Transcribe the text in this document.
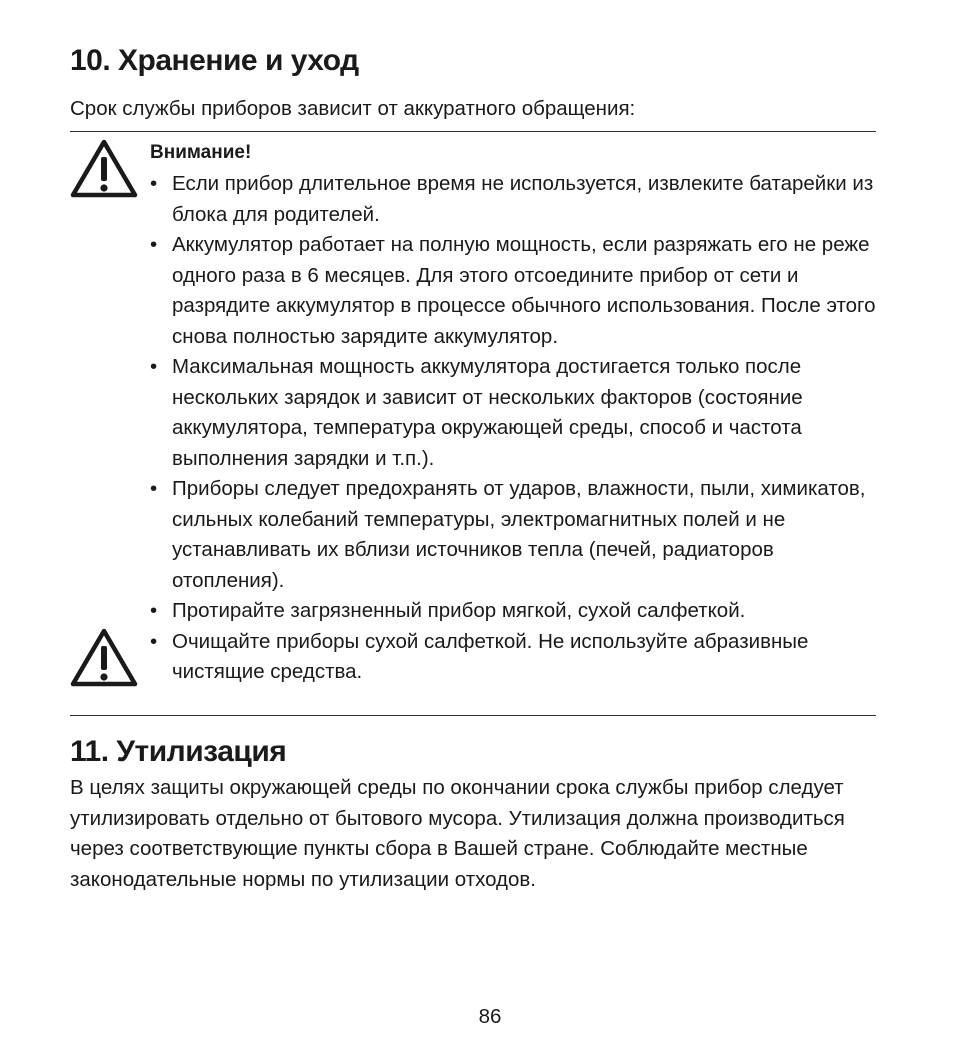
10. Хранение и уход
Срок службы приборов зависит от аккуратного обращения:
Внимание!
• Если прибор длительное время не используется, извлеките батарейки из блока для родителей.
• Аккумулятор работает на полную мощность, если разряжать его не реже одного раза в 6 месяцев. Для этого отсоедините прибор от сети и разрядите аккумулятор в процессе обычного использования. После этого снова полностью зарядите аккумулятор.
• Максимальная мощность аккумулятора достигается только после нескольких зарядок и зависит от нескольких факторов (состояние аккумулятора, температура окружающей среды, способ и частота выполнения зарядки и т.п.).
• Приборы следует предохранять от ударов, влажности, пыли, химикатов, сильных колебаний температуры, электромагнитных полей и не устанавливать их вблизи источников тепла (печей, радиаторов отопления).
• Протирайте загрязненный прибор мягкой, сухой салфеткой.
• Очищайте приборы сухой салфеткой. Не используйте абразивные чистящие средства.
11. Утилизация
В целях защиты окружающей среды по окончании срока службы прибор следует утилизировать отдельно от бытового мусора. Утилизация должна производиться через соответствующие пункты сбора в Вашей стране. Соблюдайте местные законодательные нормы по утилизации отходов.
86
